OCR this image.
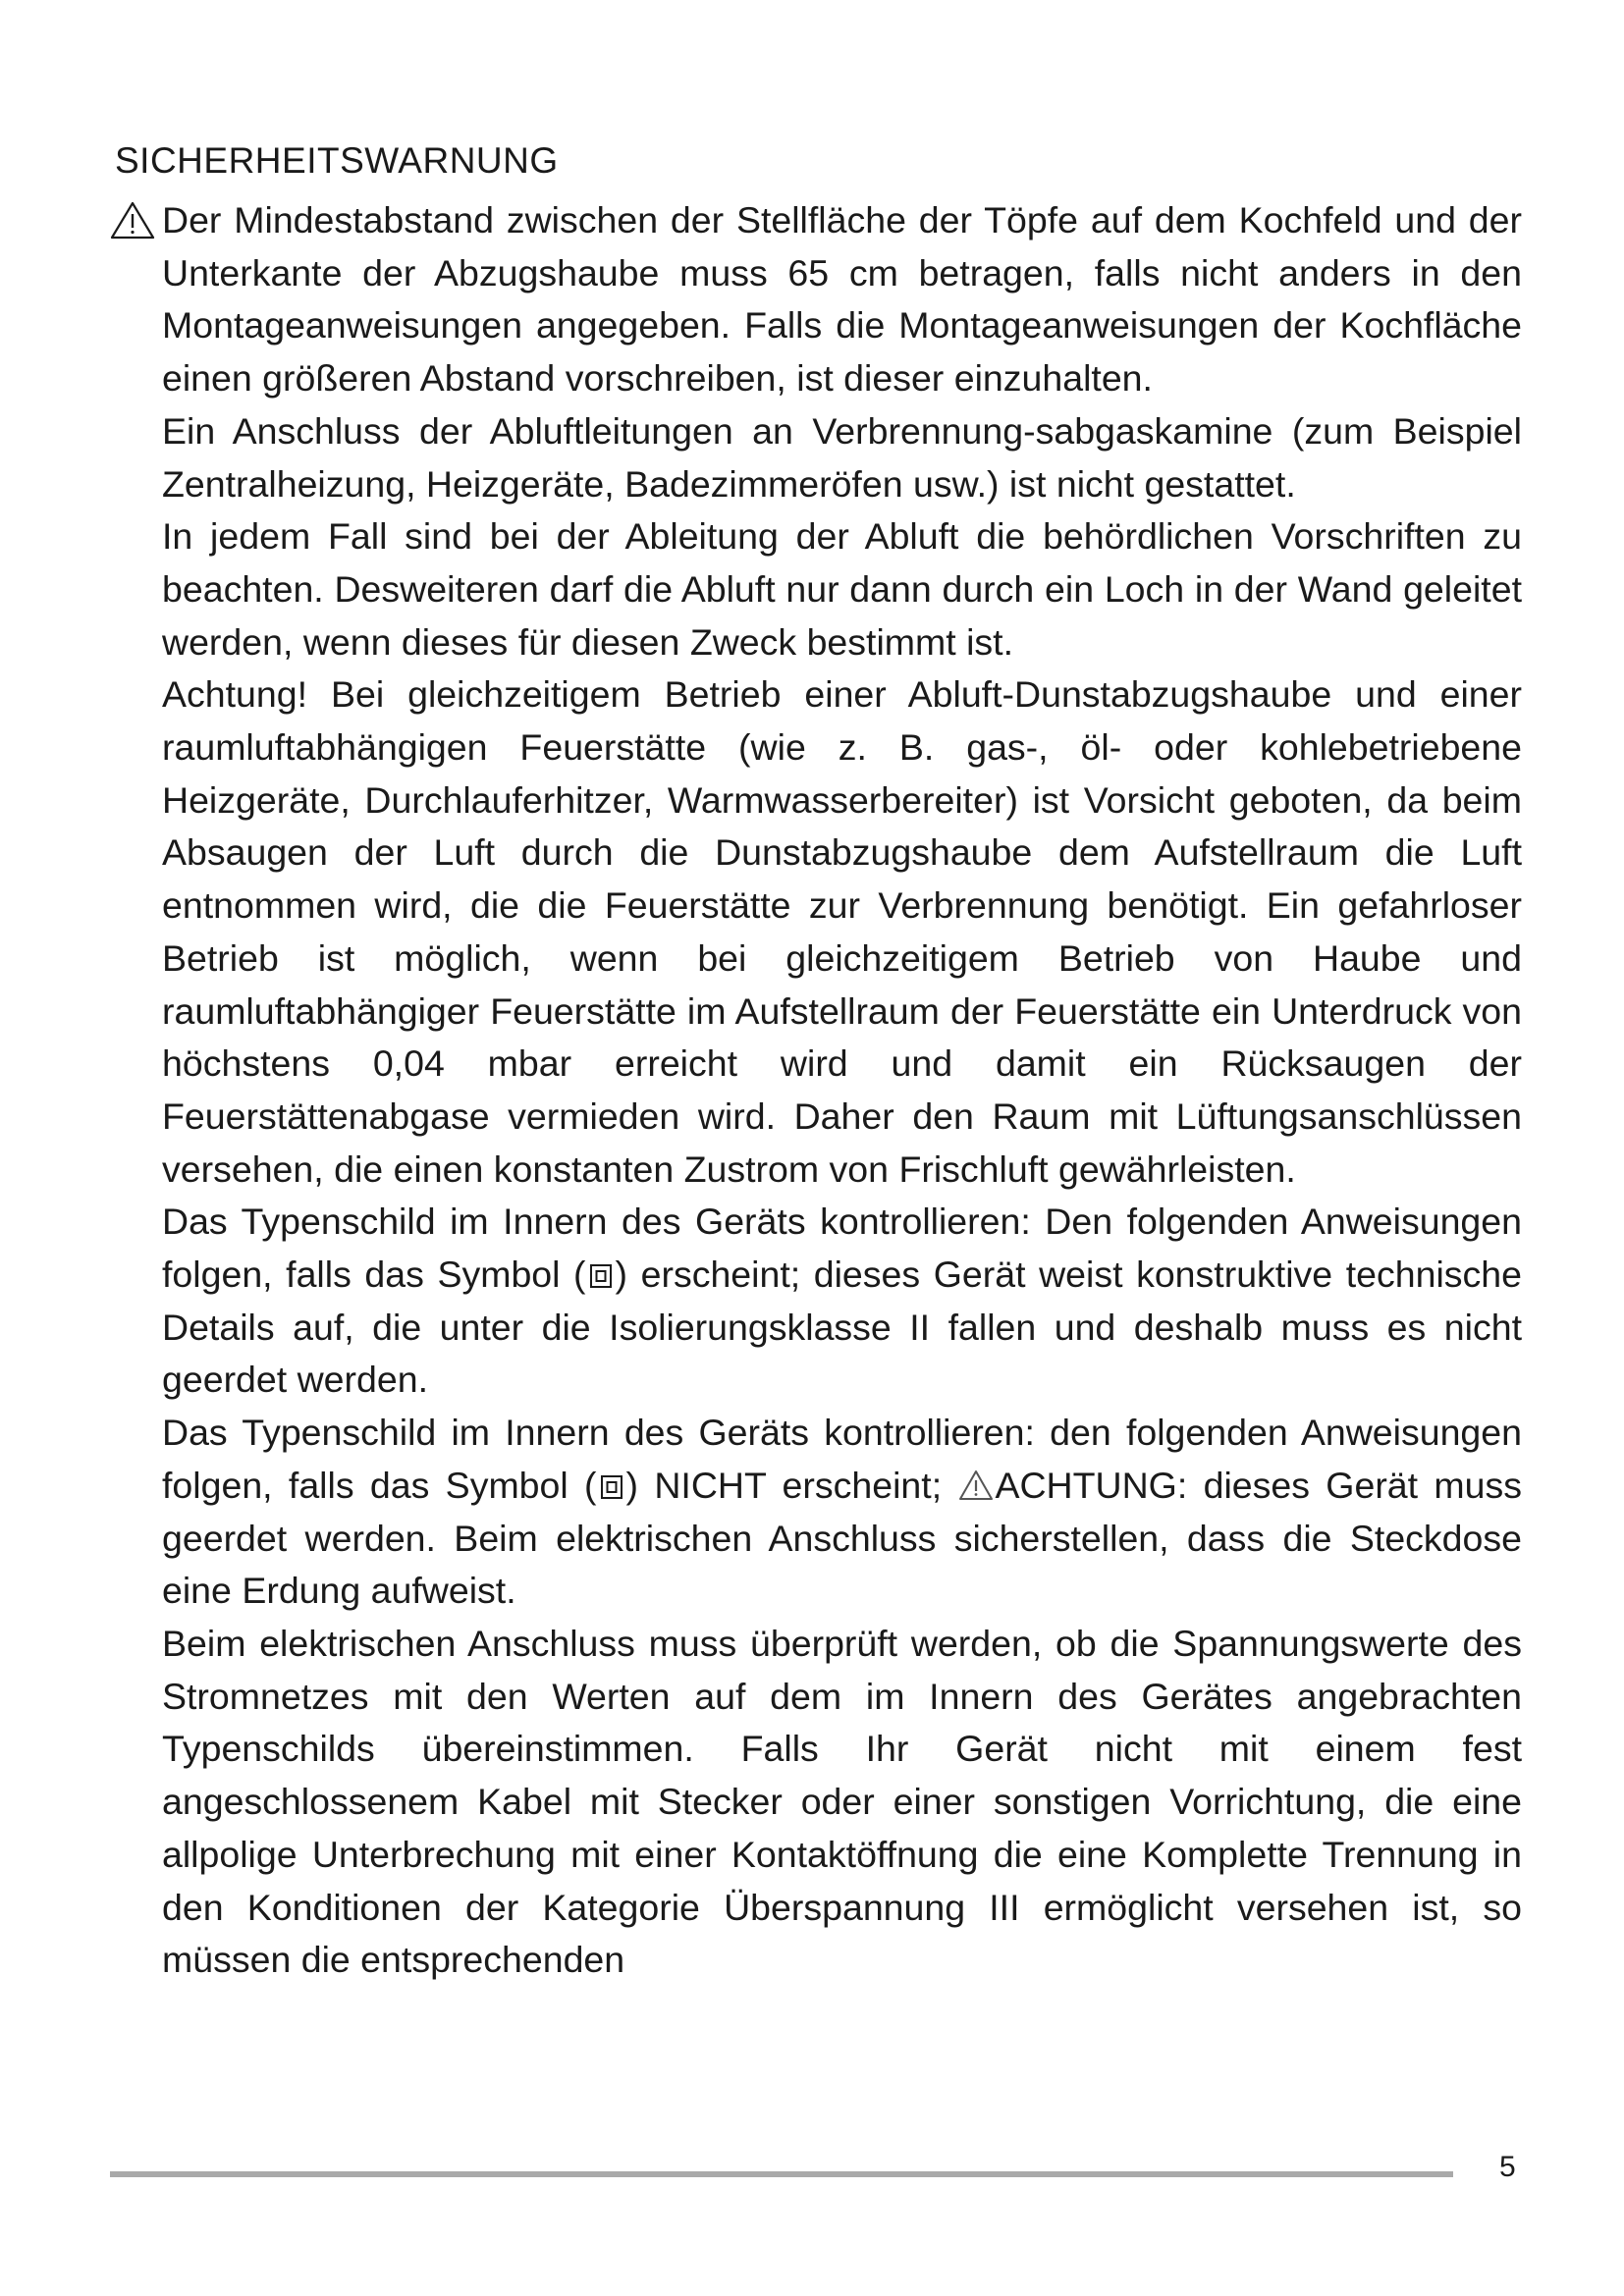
SICHERHEITSWARNUNG

Der Mindestabstand zwischen der Stellfläche der Töpfe auf dem Kochfeld und der Unterkante der Abzugshaube muss 65 cm betragen, falls nicht anders in den Montageanweisungen angegeben. Falls die Montageanweisungen der Kochfläche einen größeren Abstand vorschreiben, ist dieser einzuhalten.

Ein Anschluss der Abluftleitungen an Verbrennung-sabgaskamine (zum Beispiel Zentralheizung, Heizgeräte, Badezimmeröfen usw.) ist nicht gestattet.

In jedem Fall sind bei der Ableitung der Abluft die behördlichen Vorschriften zu beachten. Desweiteren darf die Abluft nur dann durch ein Loch in der Wand geleitet werden, wenn dieses für diesen Zweck bestimmt ist.

Achtung! Bei gleichzeitigem Betrieb einer Abluft-Dunstabzugshaube und einer raumluftabhängigen Feuerstätte (wie z. B. gas-, öl- oder kohlebetriebene Heizgeräte, Durchlauferhitzer, Warmwasserbereiter) ist Vorsicht geboten, da beim Absaugen der Luft durch die Dunstabzugshaube dem Aufstellraum die Luft entnommen wird, die die Feuerstätte zur Verbrennung benötigt. Ein gefahrloser Betrieb ist möglich, wenn bei gleichzeitigem Betrieb von Haube und raumluftabhängiger Feuerstätte im Aufstellraum der Feuerstätte ein Unterdruck von höchstens 0,04 mbar erreicht wird und damit ein Rücksaugen der Feuerstättenabgase vermieden wird. Daher den Raum mit Lüftungsanschlüssen versehen, die einen konstanten Zustrom von Frischluft gewährleisten.

Das Typenschild im Innern des Geräts kontrollieren: Den folgenden Anweisungen folgen, falls das Symbol ( ) erscheint; dieses Gerät weist konstruktive technische Details auf, die unter die Isolierungsklasse II fallen und deshalb muss es nicht geerdet werden.

Das Typenschild im Innern des Geräts kontrollieren: den folgenden Anweisungen folgen, falls das Symbol ( ) NICHT erscheint; ACHTUNG: dieses Gerät muss geerdet werden. Beim elektrischen Anschluss sicherstellen, dass die Steckdose eine Erdung aufweist.

Beim elektrischen Anschluss muss überprüft werden, ob die Spannungswerte des Stromnetzes mit den Werten auf dem im Innern des Gerätes angebrachten Typenschilds übereinstimmen. Falls Ihr Gerät nicht mit einem fest angeschlossenem Kabel mit Stecker oder einer sonstigen Vorrichtung, die eine allpolige Unterbrechung mit einer Kontaktöffnung die eine Komplette Trennung in den Konditionen der Kategorie Überspannung III ermöglicht versehen ist, so müssen die entsprechenden

5
